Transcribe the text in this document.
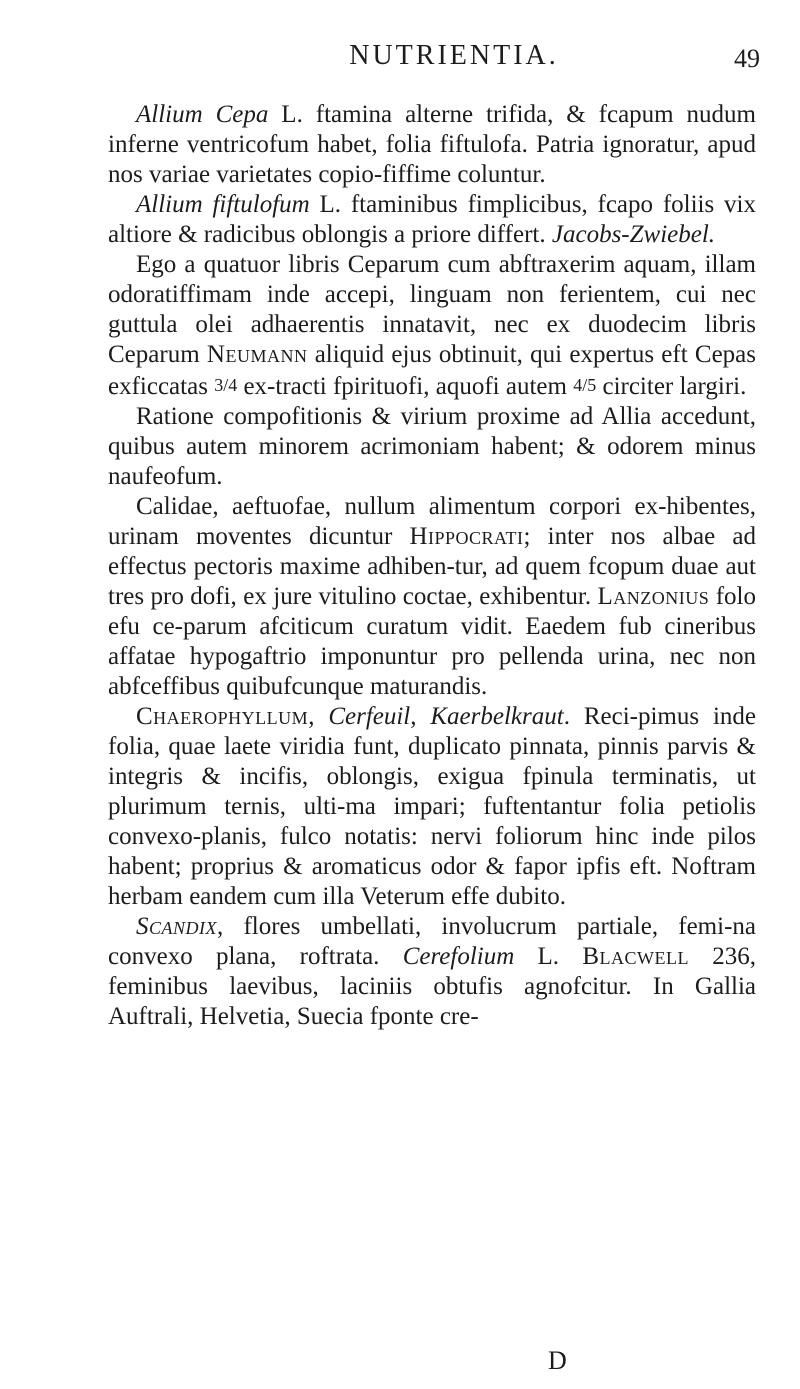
NUTRIENTIA.	49

Allium Cepa L. ftamina alterne trifida, & fcapum nudum inferne ventricofum habet, folia fiftulofa. Patria ignoratur, apud nos variae varietates copio-fiffime coluntur.

Allium fiftulofum L. ftaminibus fimplicibus, fcapo foliis vix altiore & radicibus oblongis a priore differt. Jacobs-Zwiebel.

Ego a quatuor libris Ceparum cum abftraxerim aquam, illam odoratiffimam inde accepi, linguam non ferientem, cui nec guttula olei adhaerentis innatavit, nec ex duodecim libris Ceparum Neumann aliquid ejus obtinuit, qui expertus eft Cepas exficcatas 3/4 ex-tracti fpirituofi, aquofi autem 4/5 circiter largiri.

Ratione compofitionis & virium proxime ad Allia accedunt, quibus autem minorem acrimoniam habent; & odorem minus naufeofum.

Calidae, aeftuofae, nullum alimentum corpori ex-hibentes, urinam moventes dicuntur Hippocrati; inter nos albae ad effectus pectoris maxime adhiben-tur, ad quem fcopum duae aut tres pro dofi, ex jure vitulino coctae, exhibentur. Lanzonius folo efu ce-parum afciticum curatum vidit. Eaedem fub cineribus affatae hypogaftrio imponuntur pro pellenda urina, nec non abfceffibus quibufcunque maturandis.

Chaerophyllum, Cerfeuil, Kaerbelkraut. Reci-pimus inde folia, quae laete viridia funt, duplicato pinnata, pinnis parvis & integris & incifis, oblongis, exigua fpinula terminatis, ut plurimum ternis, ulti-ma impari; fuftentantur folia petiolis convexo-planis, fulco notatis: nervi foliorum hinc inde pilos habent; proprius & aromaticus odor & fapor ipfis eft. Noftram herbam eandem cum illa Veterum effe dubito.

Scandix, flores umbellati, involucrum partiale, femi-na convexo plana, roftrata. Cerefolium L. Blacwell 236, feminibus laevibus, laciniis obtufis agnofcitur. In Gallia Auftrali, Helvetia, Suecia fponte cre-

D
